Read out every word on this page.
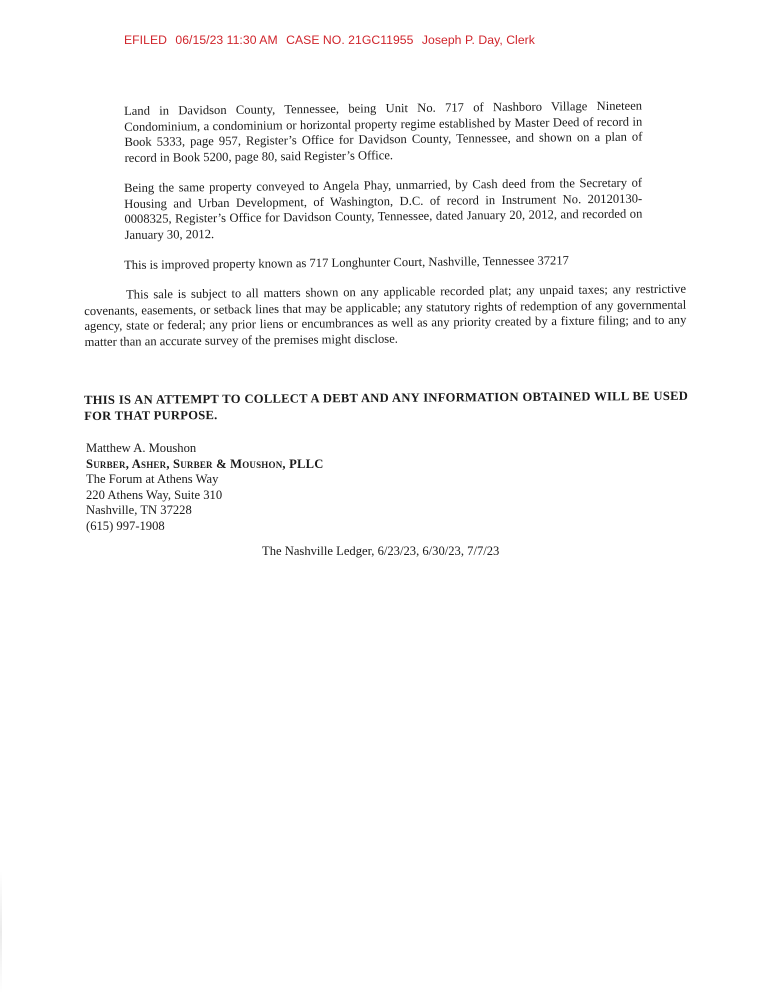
EFILED 06/15/23 11:30 AM CASE NO. 21GC11955 Joseph P. Day, Clerk

Land in Davidson County, Tennessee, being Unit No. 717 of Nashboro Village Nineteen Condominium, a condominium or horizontal property regime established by Master Deed of record in Book 5333, page 957, Register’s Office for Davidson County, Tennessee, and shown on a plan of record in Book 5200, page 80, said Register’s Office.

Being the same property conveyed to Angela Phay, unmarried, by Cash deed from the Secretary of Housing and Urban Development, of Washington, D.C. of record in Instrument No. 20120130-0008325, Register’s Office for Davidson County, Tennessee, dated January 20, 2012, and recorded on January 30, 2012.

This is improved property known as 717 Longhunter Court, Nashville, Tennessee 37217

This sale is subject to all matters shown on any applicable recorded plat; any unpaid taxes; any restrictive covenants, easements, or setback lines that may be applicable; any statutory rights of redemption of any governmental agency, state or federal; any prior liens or encumbrances as well as any priority created by a fixture filing; and to any matter than an accurate survey of the premises might disclose.

THIS IS AN ATTEMPT TO COLLECT A DEBT AND ANY INFORMATION OBTAINED WILL BE USED FOR THAT PURPOSE.
Matthew A. Moushon
Surber, Asher, Surber & Moushon, PLLC
The Forum at Athens Way
220 Athens Way, Suite 310
Nashville, TN 37228
(615) 997-1908
The Nashville Ledger, 6/23/23, 6/30/23, 7/7/23
